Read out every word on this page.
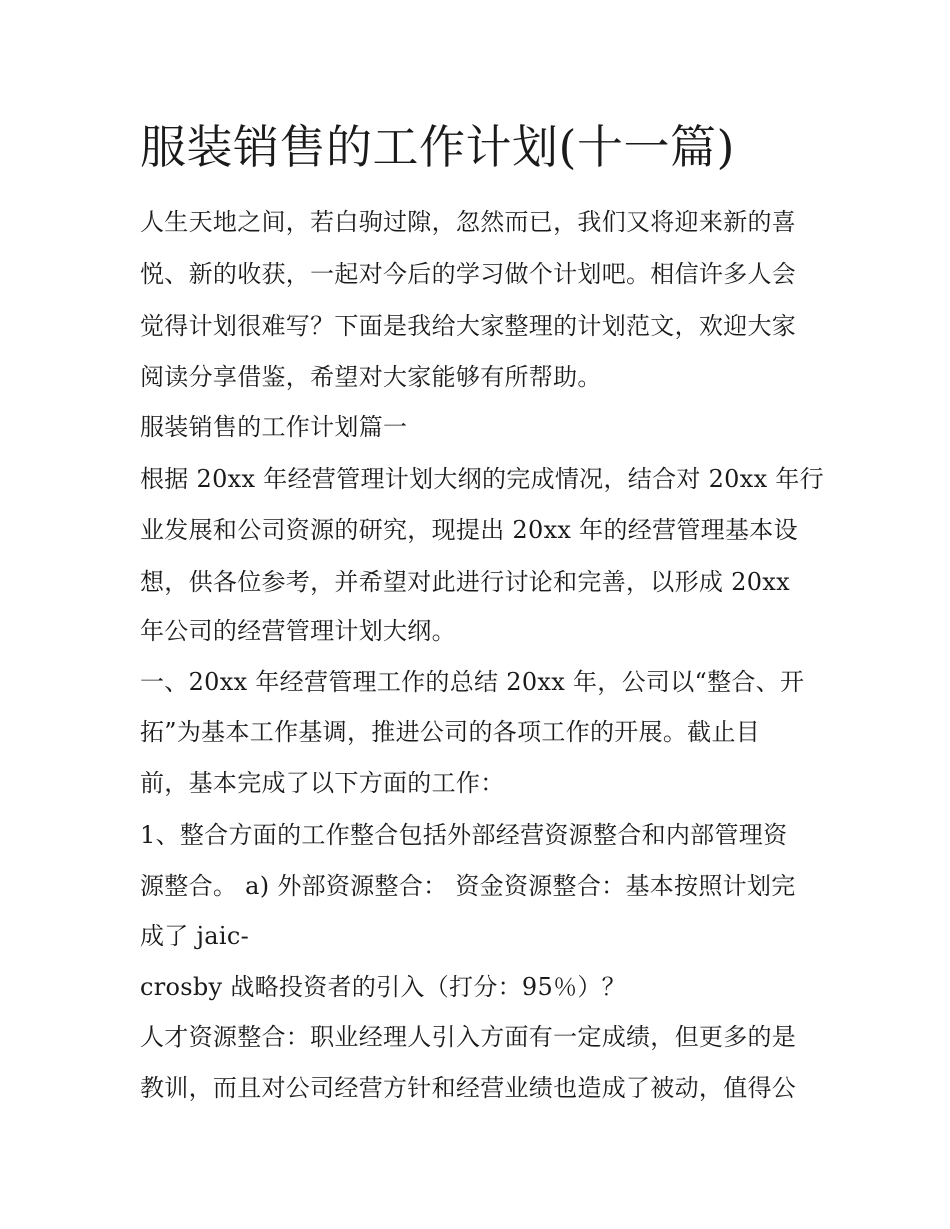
服装销售的工作计划(十一篇)

人生天地之间，若白驹过隙，忽然而已，我们又将迎来新的喜

悦、新的收获，一起对今后的学习做个计划吧。相信许多人会

觉得计划很难写？下面是我给大家整理的计划范文，欢迎大家

阅读分享借鉴，希望对大家能够有所帮助。

服装销售的工作计划篇一

根据 20xx 年经营管理计划大纲的完成情况，结合对 20xx 年行

业发展和公司资源的研究，现提出 20xx 年的经营管理基本设

想，供各位参考，并希望对此进行讨论和完善，以形成 20xx

年公司的经营管理计划大纲。

一、20xx 年经营管理工作的总结 20xx 年，公司以“整合、开

拓”为基本工作基调，推进公司的各项工作的开展。截止目

前，基本完成了以下方面的工作：

1、整合方面的工作整合包括外部经营资源整合和内部管理资

源整合。 a) 外部资源整合： 资金资源整合：基本按照计划完

成了 jaic-

crosby 战略投资者的引入（打分：95％）？

人才资源整合：职业经理人引入方面有一定成绩，但更多的是

教训，而且对公司经营方针和经营业绩也造成了被动，值得公
